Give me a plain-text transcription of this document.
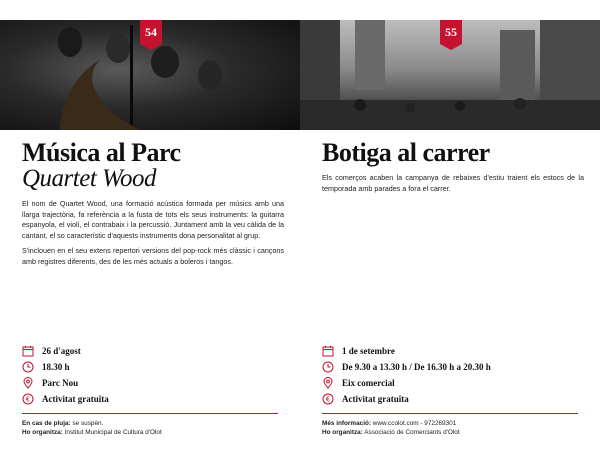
54
Música al Parc
Quartet Wood

El nom de Quartet Wood, una formació acústica formada per músics amb una llarga trajectòria, fa referència a la fusta de tots els seus instruments: la guitarra espanyola, el violí, el contrabaix i la percussió. Juntament amb la veu càlida de la cantant, el so característic d'aquests instruments dona personalitat al grup.

S'inclouen en el seu extens repertori versions del pop-rock més clàssic i cançons amb registres diferents, des de les més actuals a boleros i tangos.

26 d'agost
18.30 h
Parc Nou
€ Activitat gratuïta
En cas de pluja: se suspèn.
Ho organitza: Institut Municipal de Cultura d'Olot
55
Botiga al carrer

Els comerços acaben la campanya de rebaixes d'estiu traient els estocs de la temporada amb parades a fora el carrer.

1 de setembre
De 9.30 a 13.30 h / De 16.30 h a 20.30 h
Eix comercial
€ Activitat gratuïta
Més informació: www.ccolot.com - 972269301
Ho organitza: Associació de Comerciants d'Olot
